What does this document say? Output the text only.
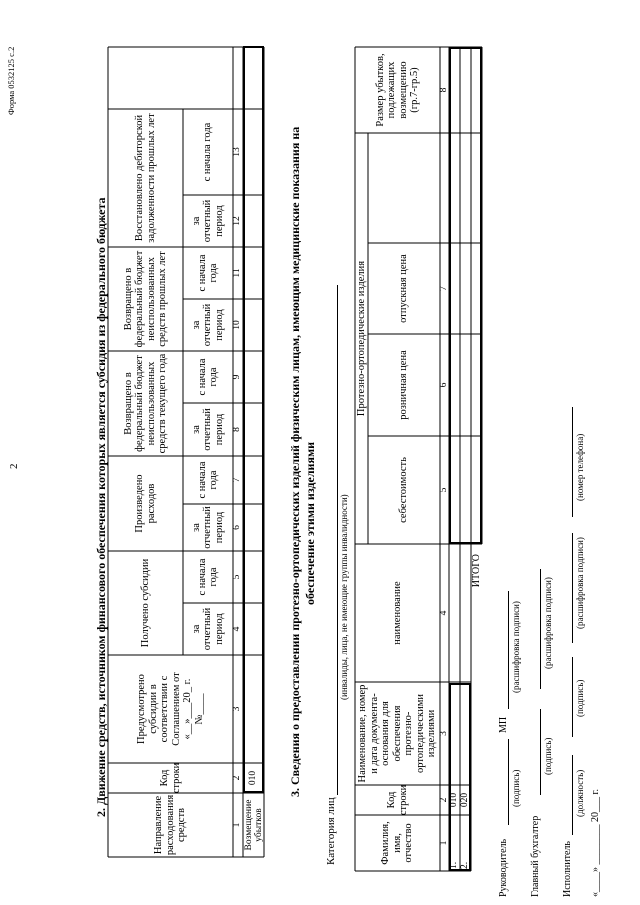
2
Форма 0532125 с.2
2. Движение средств, источником финансового обеспечения которых является субсидия из федерального бюджета
Направление расходования средств
Код строки
Предусмотрено субсидии в соответствии с Соглашением от «__»___20_ г. №____
Получено субсидии
Произведено расходов
Возвращено в федеральный бюджет неиспользованных средств текущего года
Возвращено в федеральный бюджет неиспользованных средств прошлых лет
Восстановлено дебиторской задолженности прошлых лет
за отчетный период
с начала года
за отчетный период
с начала года
за отчетный период
с начала года
за отчетный период
с начала года
за отчетный период
с начала года
1
2
3
4
5
6
7
8
9
10
11
12
13
Возмещение убытков
010	3. Сведения о предоставлении протезно-ортопедических изделий физическим лицам, имеющим медицинские показания на обеспечение этими изделиями
Категория лиц
(инвалиды, лица, не имеющие группы инвалидности)
Фамилия, имя, отчество
Код строки
Наименование, номер и дата документа-основания для обеспечения протезно-ортопедическими изделиями
наименование
Протезно-ортопедические изделия
себестоимость
розничная цена
отпускная цена
Размер убытков, подлежащих возмещению (гр.7-гр.5)
1
2
3
4
5
6
7
8
1.
010
2.
020
ИТОГО
Руководитель
(подпись)
МП
(расшифровка подписи)
Главный бухгалтер
(подпись)
(расшифровка подписи)
Исполнитель
(должность)
(подпись)
(расшифровка подписи)
(номер телефона)
«____» ________ 20___ г.
